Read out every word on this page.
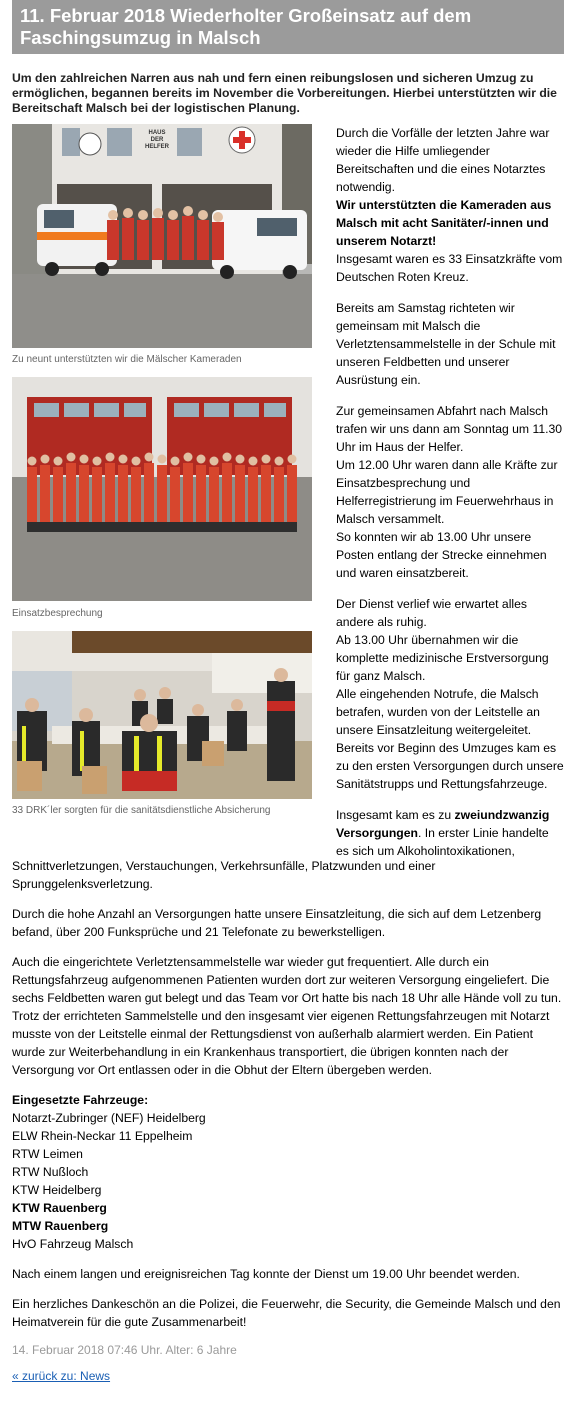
11. Februar 2018 Wiederholter Großeinsatz auf dem Faschingsumzug in Malsch
Um den zahlreichen Narren aus nah und fern einen reibungslosen und sicheren Umzug zu ermöglichen, begannen bereits im November die Vorbereitungen. Hierbei unterstützten wir die Bereitschaft Malsch bei der logistischen Planung.
HAUS
DER
HELFER
Zu neunt unterstützten wir die Mälscher Kameraden
Einsatzbesprechung
33 DRK´ler sorgten für die sanitätsdienstliche Absicherung

Durch die Vorfälle der letzten Jahre war wieder die Hilfe umliegender Bereitschaften und die eines Notarztes notwendig.
Wir unterstützten die Kameraden aus Malsch mit acht Sanitäter/-innen und unserem Notarzt!
Insgesamt waren es 33 Einsatzkräfte vom Deutschen Roten Kreuz.

Bereits am Samstag richteten wir gemeinsam mit Malsch die Verletztensammelstelle in der Schule mit unseren Feldbetten und unserer Ausrüstung ein.

Zur gemeinsamen Abfahrt nach Malsch trafen wir uns dann am Sonntag um 11.30 Uhr im Haus der Helfer.
Um 12.00 Uhr waren dann alle Kräfte zur Einsatzbesprechung und Helferregistrierung im Feuerwehrhaus in Malsch versammelt.
So konnten wir ab 13.00 Uhr unsere Posten entlang der Strecke einnehmen und waren einsatzbereit.

Der Dienst verlief wie erwartet alles andere als ruhig.
Ab 13.00 Uhr übernahmen wir die komplette medizinische Erstversorgung für ganz Malsch.
Alle eingehenden Notrufe, die Malsch betrafen, wurden von der Leitstelle an unsere Einsatzleitung weitergeleitet.
Bereits vor Beginn des Umzuges kam es zu den ersten Versorgungen durch unsere Sanitätstrupps und Rettungsfahrzeuge.

Insgesamt kam es zu zweiundzwanzig Versorgungen. In erster Linie handelte es sich um Alkoholintoxikationen,

Schnittverletzungen, Verstauchungen, Verkehrsunfälle, Platzwunden und einer Sprunggelenksverletzung.

Durch die hohe Anzahl an Versorgungen hatte unsere Einsatzleitung, die sich auf dem Letzenberg befand, über 200 Funksprüche und 21 Telefonate zu bewerkstelligen.

Auch die eingerichtete Verletztensammelstelle war wieder gut frequentiert. Alle durch ein Rettungsfahrzeug aufgenommenen Patienten wurden dort zur weiteren Versorgung eingeliefert. Die sechs Feldbetten waren gut belegt und das Team vor Ort hatte bis nach 18 Uhr alle Hände voll zu tun. Trotz der errichteten Sammelstelle und den insgesamt vier eigenen Rettungsfahrzeugen mit Notarzt musste von der Leitstelle einmal der Rettungsdienst von außerhalb alarmiert werden. Ein Patient wurde zur Weiterbehandlung in ein Krankenhaus transportiert, die übrigen konnten nach der Versorgung vor Ort entlassen oder in die Obhut der Eltern übergeben werden.

Eingesetzte Fahrzeuge:
Notarzt-Zubringer (NEF) Heidelberg
ELW Rhein-Neckar 11 Eppelheim
RTW Leimen
RTW Nußloch
KTW Heidelberg
KTW Rauenberg
MTW Rauenberg
HvO Fahrzeug Malsch

Nach einem langen und ereignisreichen Tag konnte der Dienst um 19.00 Uhr beendet werden.

Ein herzliches Dankeschön an die Polizei, die Feuerwehr, die Security, die Gemeinde Malsch und den Heimatverein für die gute Zusammenarbeit!

14. Februar 2018 07:46 Uhr. Alter: 6 Jahre
« zurück zu: News
